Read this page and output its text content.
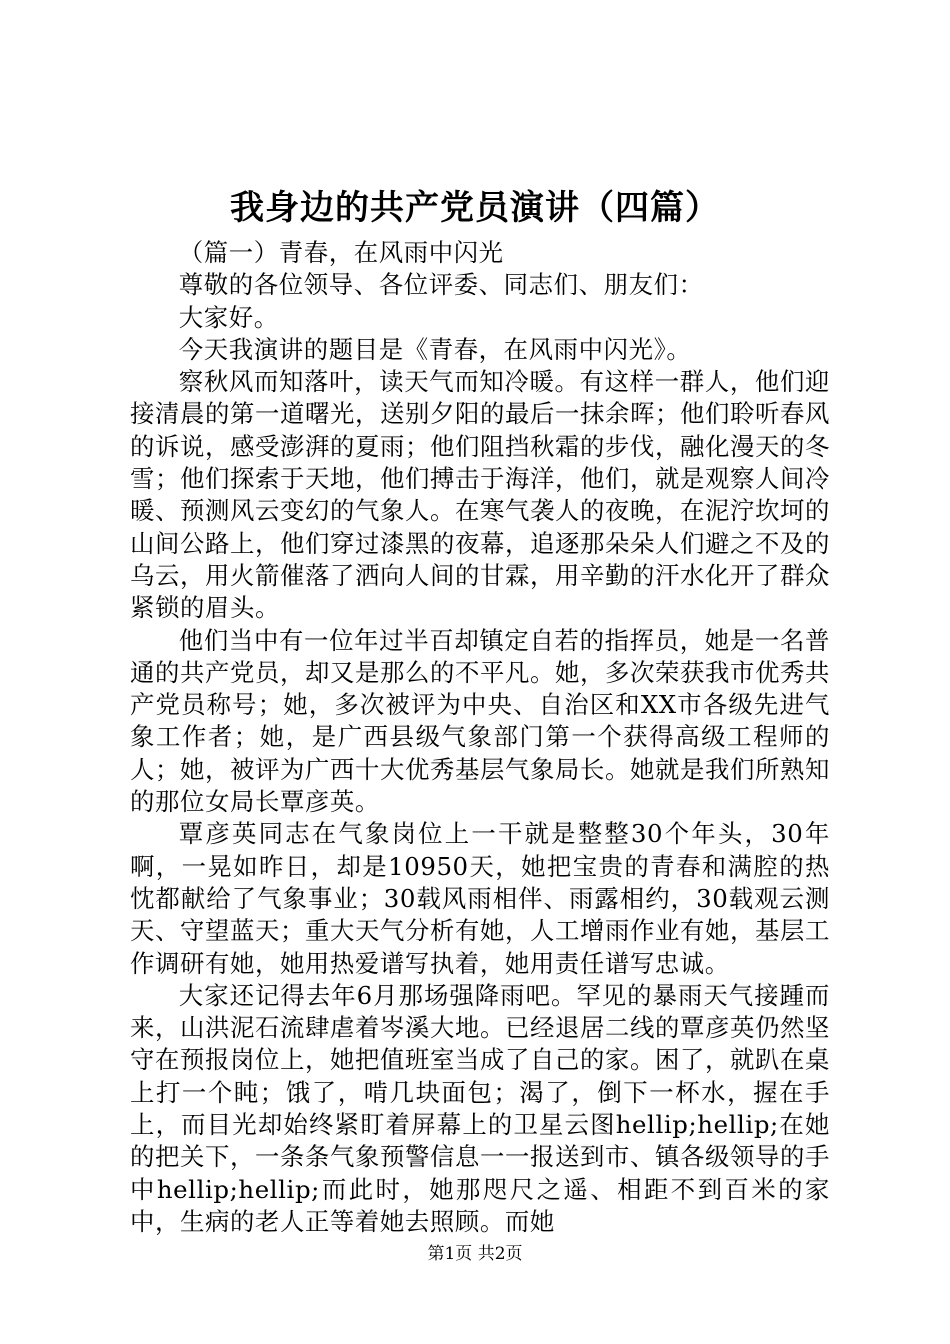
我身边的共产党员演讲（四篇）

（篇一）青春，在风雨中闪光

尊敬的各位领导、各位评委、同志们、朋友们：

大家好。

今天我演讲的题目是《青春，在风雨中闪光》。

察秋风而知落叶，读天气而知冷暖。有这样一群人，他们迎接清晨的第一道曙光，送别夕阳的最后一抹余晖；他们聆听春风的诉说，感受澎湃的夏雨；他们阻挡秋霜的步伐，融化漫天的冬雪；他们探索于天地，他们搏击于海洋，他们，就是观察人间冷暖、预测风云变幻的气象人。在寒气袭人的夜晚，在泥泞坎坷的山间公路上，他们穿过漆黑的夜幕，追逐那朵朵人们避之不及的乌云，用火箭催落了洒向人间的甘霖，用辛勤的汗水化开了群众紧锁的眉头。

他们当中有一位年过半百却镇定自若的指挥员，她是一名普通的共产党员，却又是那么的不平凡。她，多次荣获我市优秀共产党员称号；她，多次被评为中央、自治区和XX市各级先进气象工作者；她，是广西县级气象部门第一个获得高级工程师的人；她，被评为广西十大优秀基层气象局长。她就是我们所熟知的那位女局长覃彦英。

覃彦英同志在气象岗位上一干就是整整30个年头，30年啊，一晃如昨日，却是10950天，她把宝贵的青春和满腔的热忱都献给了气象事业；30载风雨相伴、雨露相约，30载观云测天、守望蓝天；重大天气分析有她，人工增雨作业有她，基层工作调研有她，她用热爱谱写执着，她用责任谱写忠诚。

大家还记得去年6月那场强降雨吧。罕见的暴雨天气接踵而来，山洪泥石流肆虐着岑溪大地。已经退居二线的覃彦英仍然坚守在预报岗位上，她把值班室当成了自己的家。困了，就趴在桌上打一个盹；饿了，啃几块面包；渴了，倒下一杯水，握在手上，而目光却始终紧盯着屏幕上的卫星云图hellip;hellip;在她的把关下，一条条气象预警信息一一报送到市、镇各级领导的手中hellip;hellip;而此时，她那咫尺之遥、相距不到百米的家中，生病的老人正等着她去照顾。而她

第1页 共2页
